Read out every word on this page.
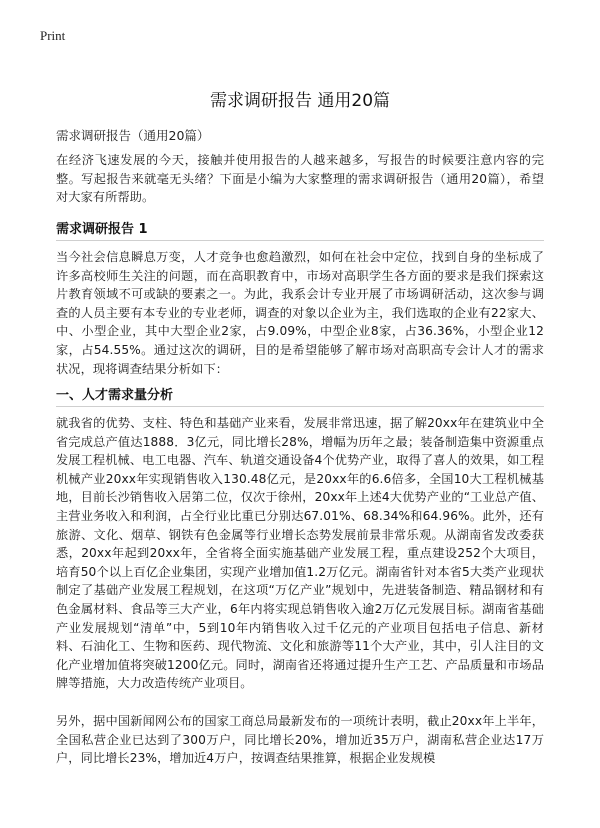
Print
需求调研报告 通用20篇
需求调研报告（通用20篇）

在经济飞速发展的今天，接触并使用报告的人越来越多，写报告的时候要注意内容的完整。写起报告来就毫无头绪？下面是小编为大家整理的需求调研报告（通用20篇），希望对大家有所帮助。

需求调研报告 1

当今社会信息瞬息万变，人才竞争也愈趋激烈，如何在社会中定位，找到自身的坐标成了许多高校师生关注的问题，而在高职教育中，市场对高职学生各方面的要求是我们探索这片教育领域不可或缺的要素之一。为此，我系会计专业开展了市场调研活动，这次参与调查的人员主要有本专业的专业老师，调查的对象以企业为主，我们选取的企业有22家大、中、小型企业，其中大型企业2家，占9.09%，中型企业8家，占36.36%，小型企业12家，占54.55%。通过这次的调研，目的是希望能够了解市场对高职高专会计人才的需求状况，现将调查结果分析如下：

一、人才需求量分析

就我省的优势、支柱、特色和基础产业来看，发展非常迅速，据了解20xx年在建筑业中全省完成总产值达1888．3亿元，同比增长28%，增幅为历年之最；装备制造集中资源重点发展工程机械、电工电器、汽车、轨道交通设备4个优势产业，取得了喜人的效果，如工程机械产业20xx年实现销售收入130.48亿元，是20xx年的6.6倍多，全国10大工程机械基地，目前长沙销售收入居第二位，仅次于徐州，20xx年上述4大优势产业的“工业总产值、主营业务收入和利润，占全行业比重已分别达67.01%、68.34%和64.96%。此外，还有旅游、文化、烟草、钢铁有色金属等行业增长态势发展前景非常乐观。从湖南省发改委获悉，20xx年起到20xx年，全省将全面实施基础产业发展工程，重点建设252个大项目，培育50个以上百亿企业集团，实现产业增加值1.2万亿元。湖南省针对本省5大类产业现状制定了基础产业发展工程规划，在这项“万亿产业”规划中，先进装备制造、精品钢材和有色金属材料、食品等三大产业，6年内将实现总销售收入逾2万亿元发展目标。湖南省基础产业发展规划“清单”中，5到10年内销售收入过千亿元的产业项目包括电子信息、新材料、石油化工、生物和医药、现代物流、文化和旅游等11个大产业，其中，引人注目的文化产业增加值将突破1200亿元。同时，湖南省还将通过提升生产工艺、产品质量和市场品牌等措施，大力改造传统产业项目。

另外，据中国新闻网公布的国家工商总局最新发布的一项统计表明，截止20xx年上半年，全国私营企业已达到了300万户，同比增长20%，增加近35万户，湖南私营企业达17万户，同比增长23%，增加近4万户，按调查结果推算，根据企业发规模
